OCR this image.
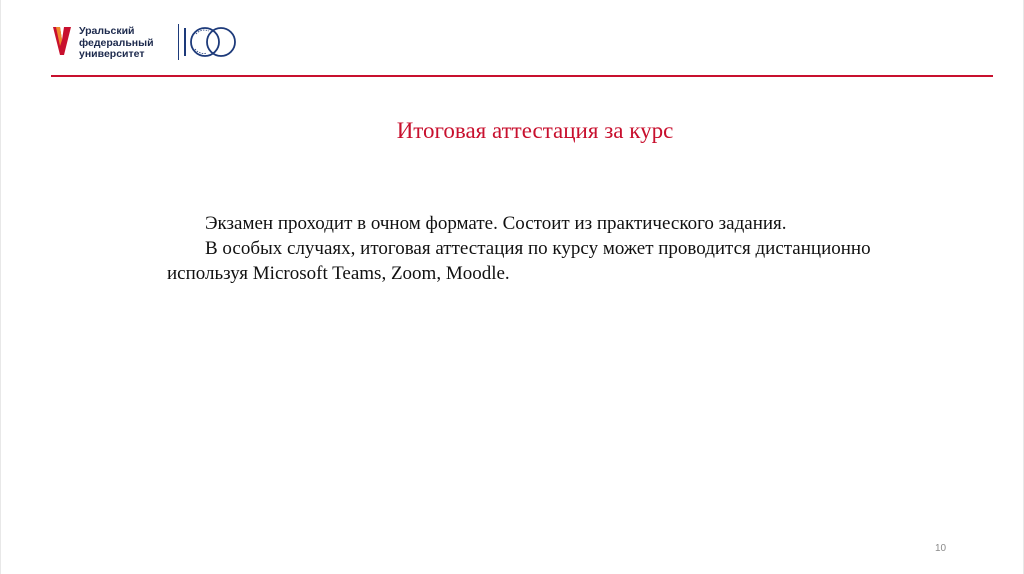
Уральский
федеральный
университет
Итоговая аттестация за курс

Экзамен проходит в очном формате. Состоит из практического задания.

В особых случаях, итоговая аттестация по курсу может проводится дистанционно используя Microsoft Teams, Zoom, Moodle.

10
